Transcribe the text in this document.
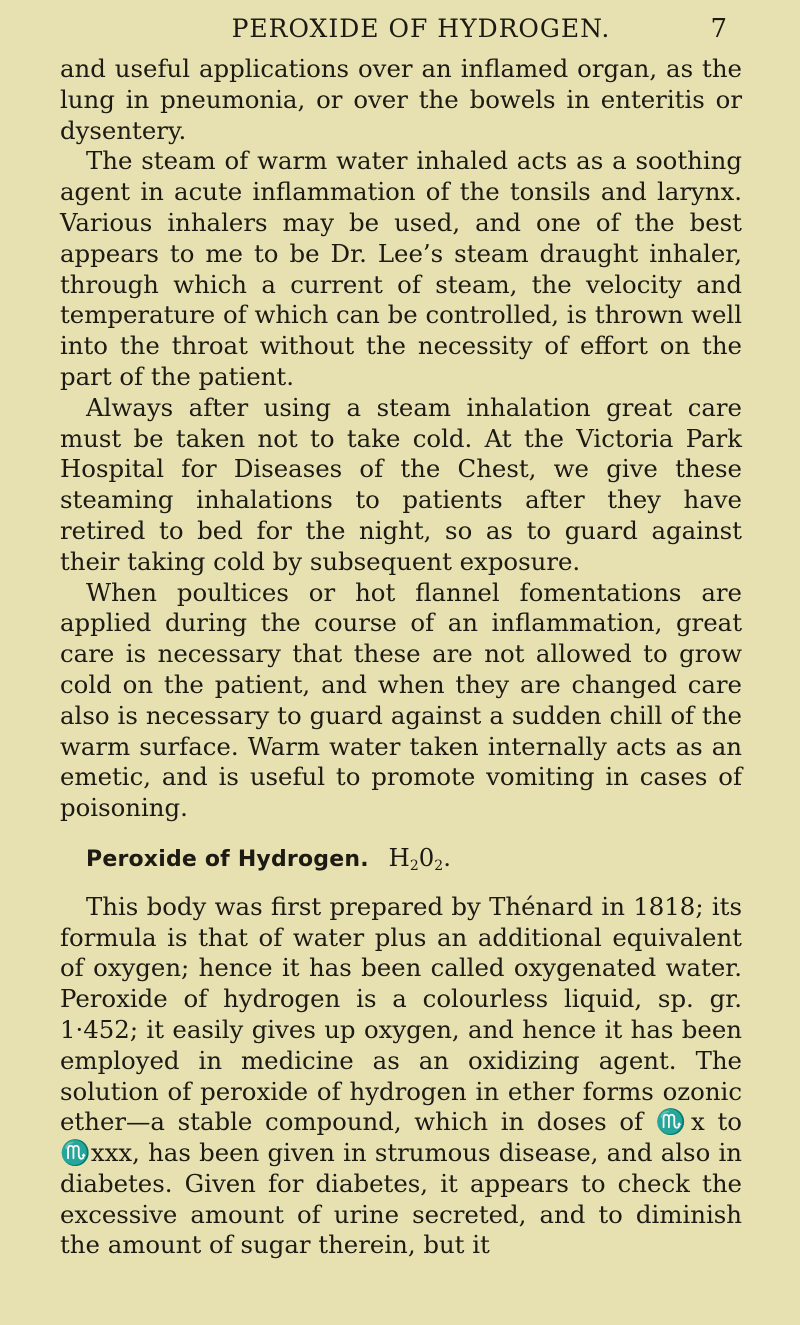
PEROXIDE OF HYDROGEN.	7

and useful applications over an inflamed organ, as the lung in pneumonia, or over the bowels in enteritis or dysentery.

The steam of warm water inhaled acts as a soothing agent in acute inflammation of the tonsils and larynx. Various inhalers may be used, and one of the best appears to me to be Dr. Lee’s steam draught inhaler, through which a current of steam, the velocity and temperature of which can be controlled, is thrown well into the throat without the necessity of effort on the part of the patient.

Always after using a steam inhalation great care must be taken not to take cold. At the Victoria Park Hospital for Diseases of the Chest, we give these steaming inhalations to patients after they have retired to bed for the night, so as to guard against their taking cold by subsequent exposure.

When poultices or hot flannel fomentations are applied during the course of an inflammation, great care is necessary that these are not allowed to grow cold on the patient, and when they are changed care also is necessary to guard against a sudden chill of the warm surface. Warm water taken internally acts as an emetic, and is useful to promote vomiting in cases of poisoning.

Peroxide of Hydrogen. $H_20_2$.

This body was first prepared by Thénard in 1818; its formula is that of water plus an additional equivalent of oxygen; hence it has been called oxygenated water. Peroxide of hydrogen is a colourless liquid, sp. gr. 1·452; it easily gives up oxygen, and hence it has been employed in medicine as an oxidizing agent. The solution of peroxide of hydrogen in ether forms ozonic ether—a stable compound, which in doses of ♏x to ♏xxx, has been given in strumous disease, and also in diabetes. Given for diabetes, it appears to check the excessive amount of urine secreted, and to diminish the amount of sugar therein, but it
